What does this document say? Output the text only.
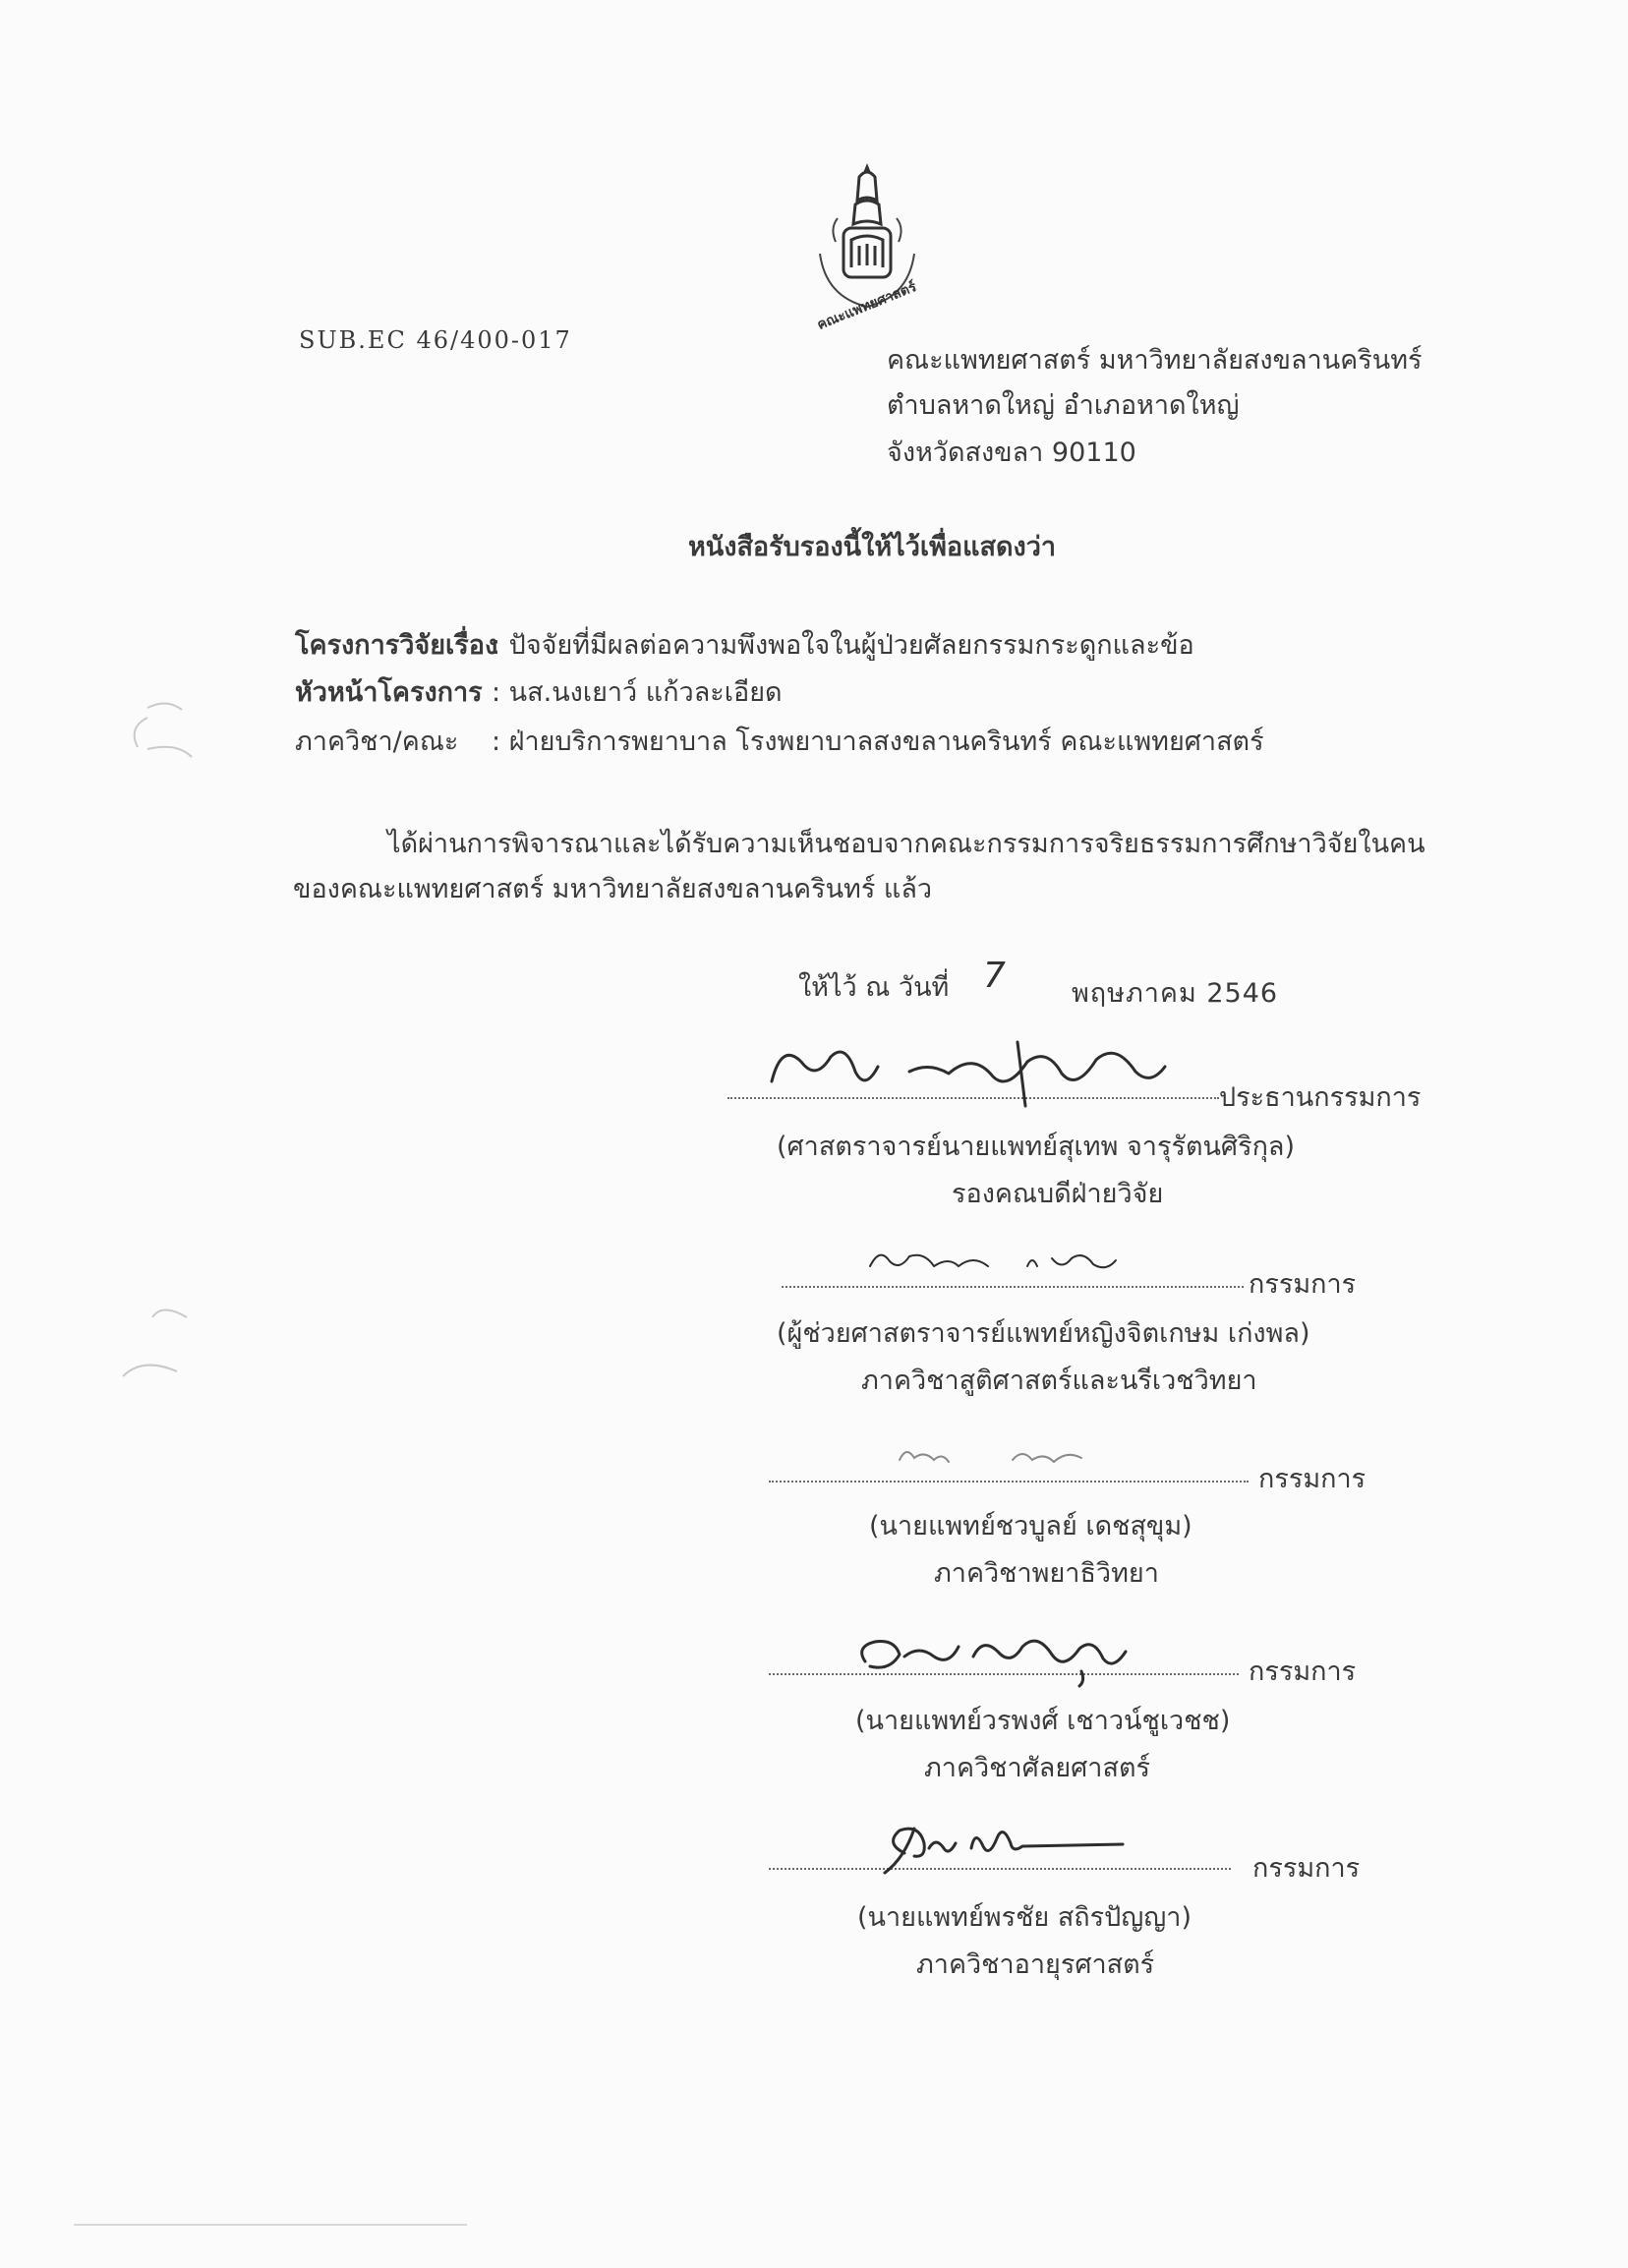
คณะแพทยศาสตร์
SUB.EC 46/400-017
คณะแพทยศาสตร์ มหาวิทยาลัยสงขลานครินทร์
ตำบลหาดใหญ่ อำเภอหาดใหญ่
จังหวัดสงขลา 90110
หนังสือรับรองนี้ให้ไว้เพื่อแสดงว่า
โครงการวิจัยเรื่อง
: ปัจจัยที่มีผลต่อความพึงพอใจในผู้ป่วยศัลยกรรมกระดูกและข้อ
หัวหน้าโครงการ : นส.นงเยาว์ แก้วละเอียด
ภาควิชา/คณะ : ฝ่ายบริการพยาบาล โรงพยาบาลสงขลานครินทร์ คณะแพทยศาสตร์
ได้ผ่านการพิจารณาและได้รับความเห็นชอบจากคณะกรรมการจริยธรรมการศึกษาวิจัยในคน
ของคณะแพทยศาสตร์ มหาวิทยาลัยสงขลานครินทร์ แล้ว
ให้ไว้ ณ วันที่ 7 พฤษภาคม 2546
ประธานกรรมการ
(ศาสตราจารย์นายแพทย์สุเทพ จารุรัตนศิริกุล)
รองคณบดีฝ่ายวิจัย
กรรมการ
(ผู้ช่วยศาสตราจารย์แพทย์หญิงจิตเกษม เก่งพล)
ภาควิชาสูติศาสตร์และนรีเวชวิทยา
กรรมการ
(นายแพทย์ชวบูลย์ เดชสุขุม)
ภาควิชาพยาธิวิทยา
กรรมการ
(นายแพทย์วรพงศ์ เชาวน์ชูเวชช)
ภาควิชาศัลยศาสตร์
กรรมการ
(นายแพทย์พรชัย สถิรปัญญา)
ภาควิชาอายุรศาสตร์
